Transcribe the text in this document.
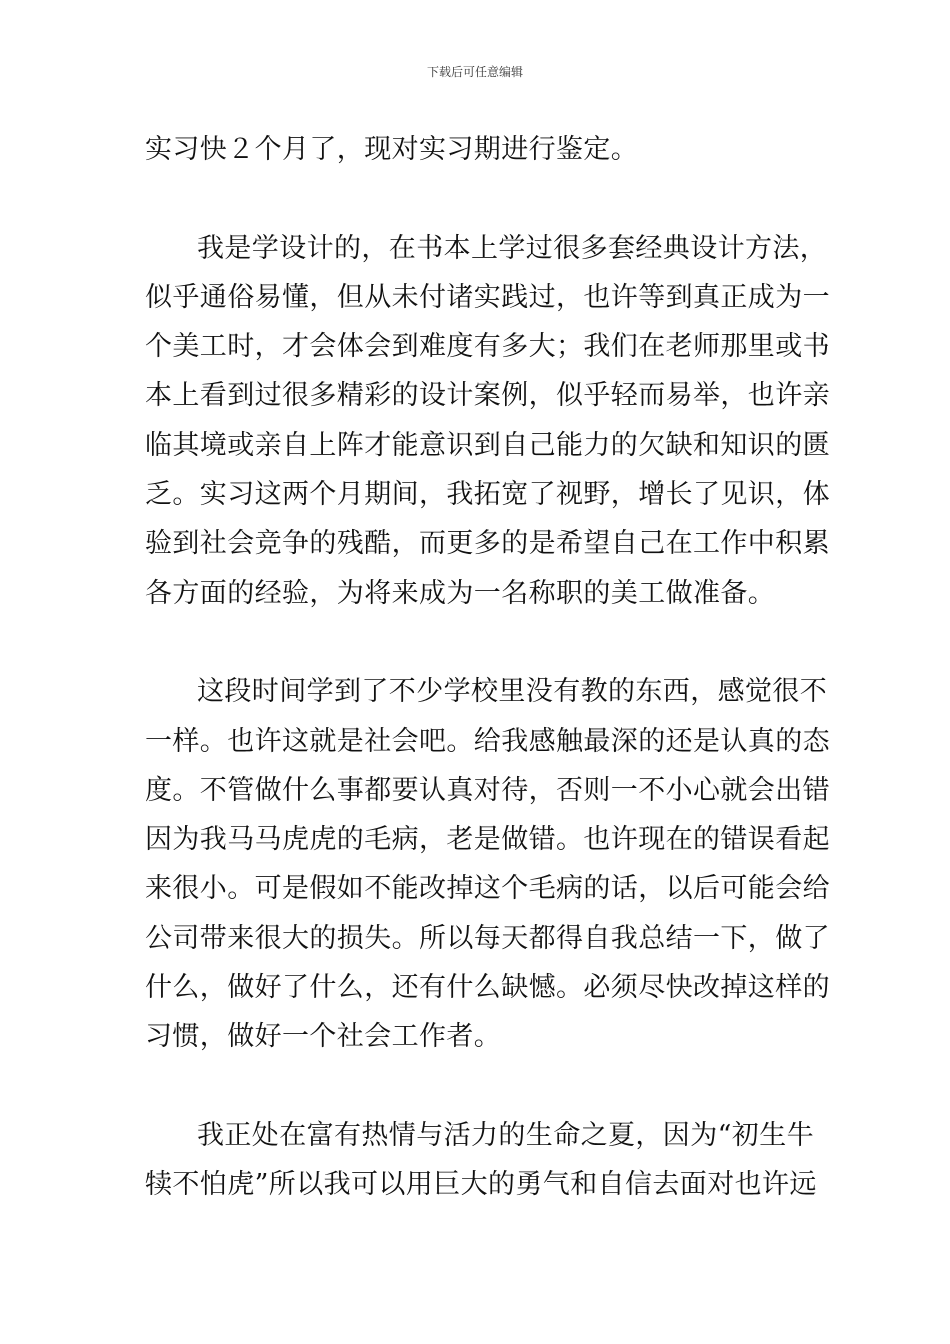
下载后可任意编辑
实习快２个月了，现对实习期进行鉴定。
我是学设计的，在书本上学过很多套经典设计方法，
似乎通俗易懂，但从未付诸实践过，也许等到真正成为一
个美工时，才会体会到难度有多大；我们在老师那里或书
本上看到过很多精彩的设计案例，似乎轻而易举，也许亲
临其境或亲自上阵才能意识到自己能力的欠缺和知识的匮
乏。实习这两个月期间，我拓宽了视野，增长了见识，体
验到社会竞争的残酷，而更多的是希望自己在工作中积累
各方面的经验，为将来成为一名称职的美工做准备。
这段时间学到了不少学校里没有教的东西，感觉很不
一样。也许这就是社会吧。给我感触最深的还是认真的态
度。不管做什么事都要认真对待，否则一不小心就会出错
因为我马马虎虎的毛病，老是做错。也许现在的错误看起
来很小。可是假如不能改掉这个毛病的话，以后可能会给
公司带来很大的损失。所以每天都得自我总结一下，做了
什么，做好了什么，还有什么缺憾。必须尽快改掉这样的
习惯，做好一个社会工作者。
我正处在富有热情与活力的生命之夏，因为“初生牛
犊不怕虎”所以我可以用巨大的勇气和自信去面对也许远
